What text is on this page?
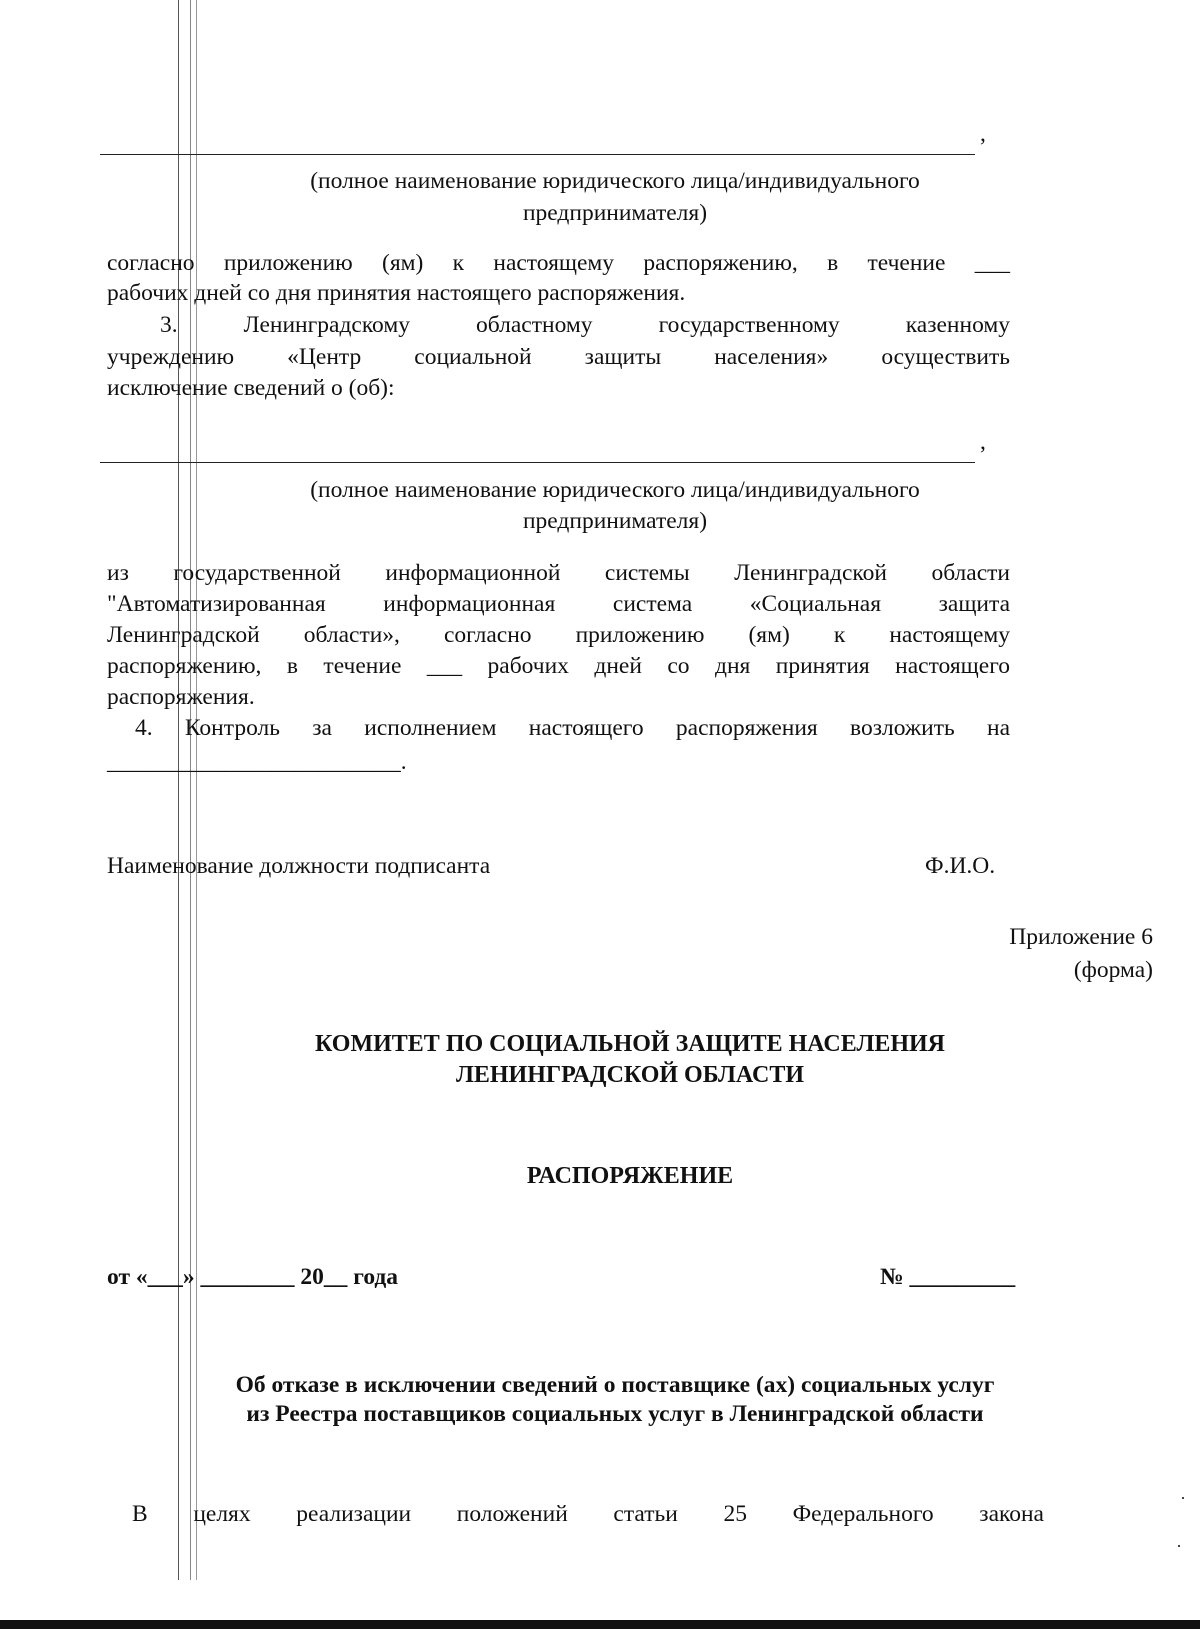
,
(полное наименование юридического лица/индивидуального
предпринимателя)
согласно приложению (ям) к настоящему распоряжению, в течение ___
рабочих дней со дня принятия настоящего распоряжения.
3. Ленинградскому областному государственному казенному
учреждению «Центр социальной защиты населения» осуществить
исключение сведений о (об):
,
(полное наименование юридического лица/индивидуального
предпринимателя)
из государственной информационной системы Ленинградской области
"Автоматизированная информационная система «Социальная защита
Ленинградской области», согласно приложению (ям) к настоящему
распоряжению, в течение ___ рабочих дней со дня принятия настоящего
распоряжения.
4. Контроль за исполнением настоящего распоряжения возложить на
_________________________.
Наименование должности подписанта	Ф.И.О.
Приложение 6
(форма)
КОМИТЕТ ПО СОЦИАЛЬНОЙ ЗАЩИТЕ НАСЕЛЕНИЯ
ЛЕНИНГРАДСКОЙ ОБЛАСТИ
РАСПОРЯЖЕНИЕ
от «___» ________ 20__ года	№ _________
Об отказе в исключении сведений о поставщике (ах) социальных услуг
из Реестра поставщиков социальных услуг в Ленинградской области
В целях реализации положений статьи 25 Федерального закона
